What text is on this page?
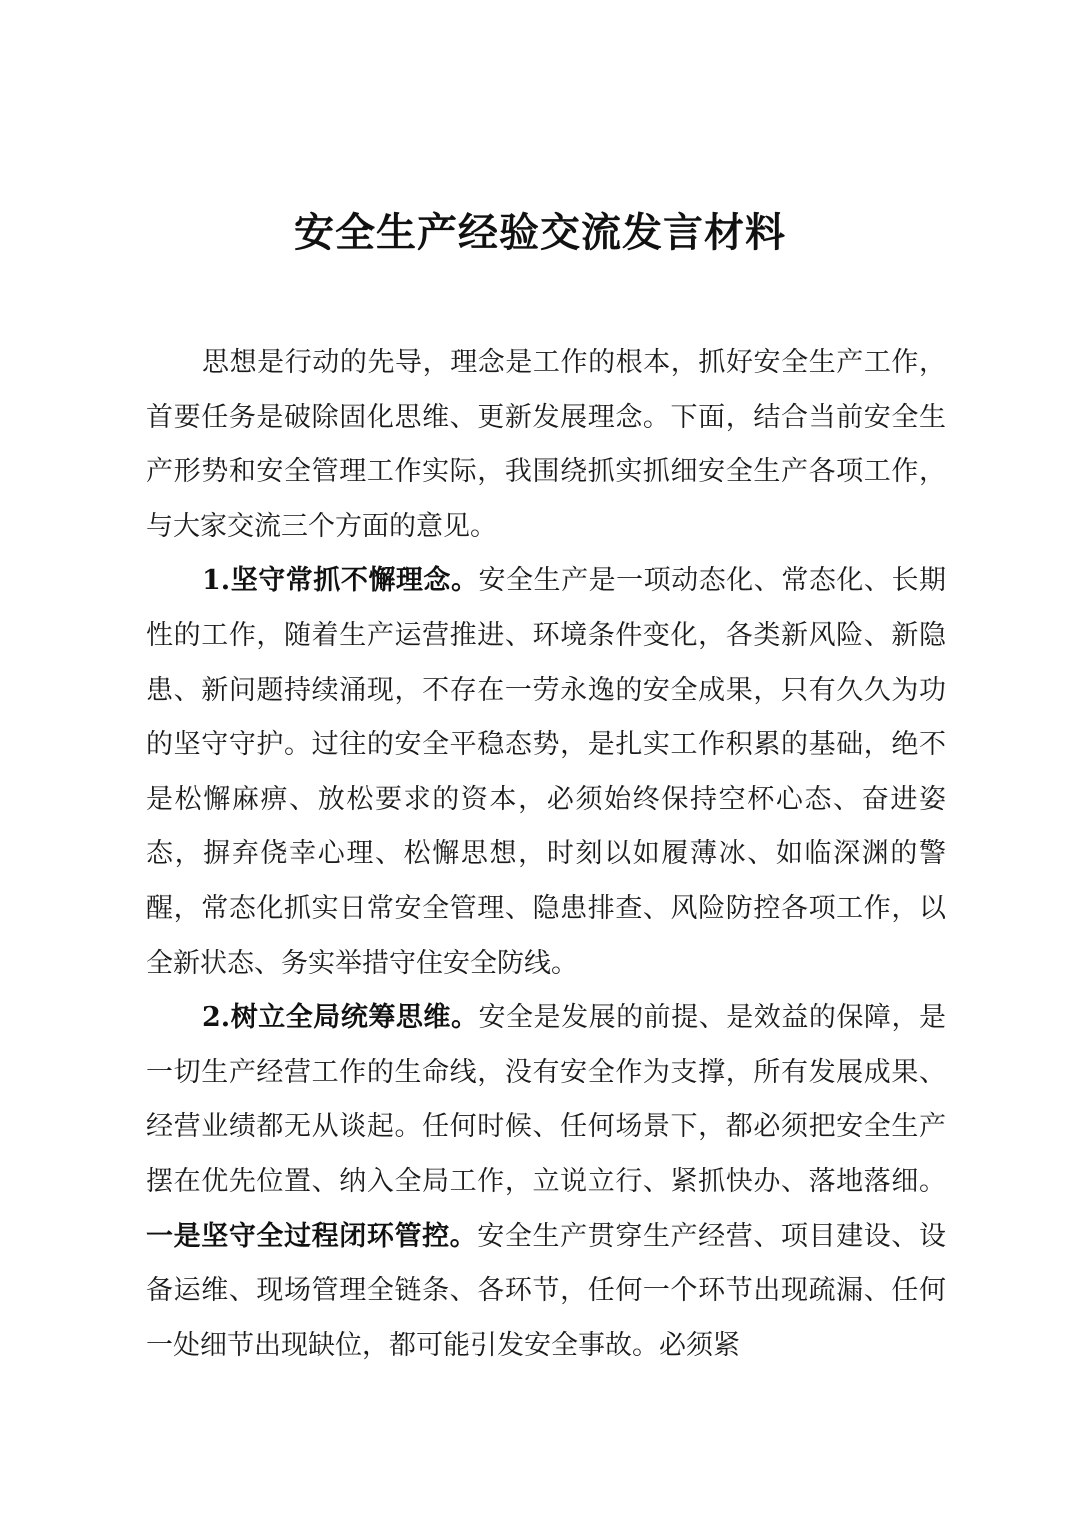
安全生产经验交流发言材料

思想是行动的先导，理念是工作的根本，抓好安全生产工作，首要任务是破除固化思维、更新发展理念。下面，结合当前安全生产形势和安全管理工作实际，我围绕抓实抓细安全生产各项工作，与大家交流三个方面的意见。

1.坚守常抓不懈理念。安全生产是一项动态化、常态化、长期性的工作，随着生产运营推进、环境条件变化，各类新风险、新隐患、新问题持续涌现，不存在一劳永逸的安全成果，只有久久为功的坚守守护。过往的安全平稳态势，是扎实工作积累的基础，绝不是松懈麻痹、放松要求的资本，必须始终保持空杯心态、奋进姿态，摒弃侥幸心理、松懈思想，时刻以如履薄冰、如临深渊的警醒，常态化抓实日常安全管理、隐患排查、风险防控各项工作，以全新状态、务实举措守住安全防线。

2.树立全局统筹思维。安全是发展的前提、是效益的保障，是一切生产经营工作的生命线，没有安全作为支撑，所有发展成果、经营业绩都无从谈起。任何时候、任何场景下，都必须把安全生产摆在优先位置、纳入全局工作，立说立行、紧抓快办、落地落细。一是坚守全过程闭环管控。安全生产贯穿生产经营、项目建设、设备运维、现场管理全链条、各环节，任何一个环节出现疏漏、任何一处细节出现缺位，都可能引发安全事故。必须紧
